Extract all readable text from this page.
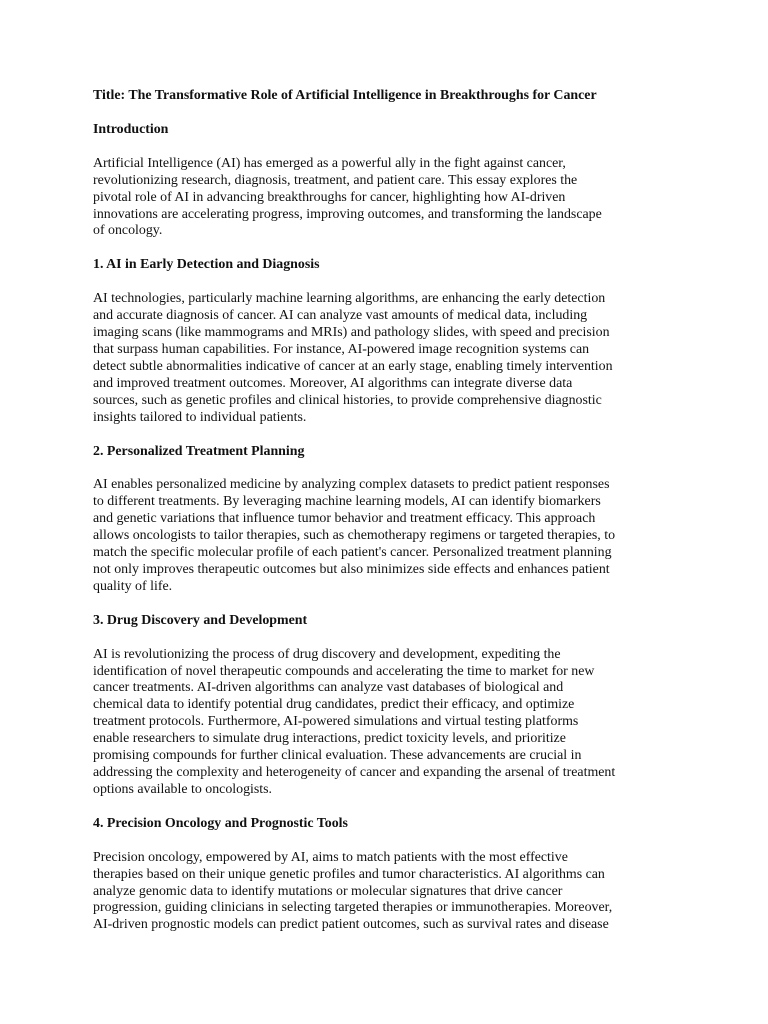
Title: The Transformative Role of Artificial Intelligence in Breakthroughs for Cancer
Introduction
Artificial Intelligence (AI) has emerged as a powerful ally in the fight against cancer,
revolutionizing research, diagnosis, treatment, and patient care. This essay explores the
pivotal role of AI in advancing breakthroughs for cancer, highlighting how AI-driven
innovations are accelerating progress, improving outcomes, and transforming the landscape
of oncology.
1. AI in Early Detection and Diagnosis
AI technologies, particularly machine learning algorithms, are enhancing the early detection
and accurate diagnosis of cancer. AI can analyze vast amounts of medical data, including
imaging scans (like mammograms and MRIs) and pathology slides, with speed and precision
that surpass human capabilities. For instance, AI-powered image recognition systems can
detect subtle abnormalities indicative of cancer at an early stage, enabling timely intervention
and improved treatment outcomes. Moreover, AI algorithms can integrate diverse data
sources, such as genetic profiles and clinical histories, to provide comprehensive diagnostic
insights tailored to individual patients.
2. Personalized Treatment Planning
AI enables personalized medicine by analyzing complex datasets to predict patient responses
to different treatments. By leveraging machine learning models, AI can identify biomarkers
and genetic variations that influence tumor behavior and treatment efficacy. This approach
allows oncologists to tailor therapies, such as chemotherapy regimens or targeted therapies, to
match the specific molecular profile of each patient's cancer. Personalized treatment planning
not only improves therapeutic outcomes but also minimizes side effects and enhances patient
quality of life.
3. Drug Discovery and Development
AI is revolutionizing the process of drug discovery and development, expediting the
identification of novel therapeutic compounds and accelerating the time to market for new
cancer treatments. AI-driven algorithms can analyze vast databases of biological and
chemical data to identify potential drug candidates, predict their efficacy, and optimize
treatment protocols. Furthermore, AI-powered simulations and virtual testing platforms
enable researchers to simulate drug interactions, predict toxicity levels, and prioritize
promising compounds for further clinical evaluation. These advancements are crucial in
addressing the complexity and heterogeneity of cancer and expanding the arsenal of treatment
options available to oncologists.
4. Precision Oncology and Prognostic Tools
Precision oncology, empowered by AI, aims to match patients with the most effective
therapies based on their unique genetic profiles and tumor characteristics. AI algorithms can
analyze genomic data to identify mutations or molecular signatures that drive cancer
progression, guiding clinicians in selecting targeted therapies or immunotherapies. Moreover,
AI-driven prognostic models can predict patient outcomes, such as survival rates and disease
